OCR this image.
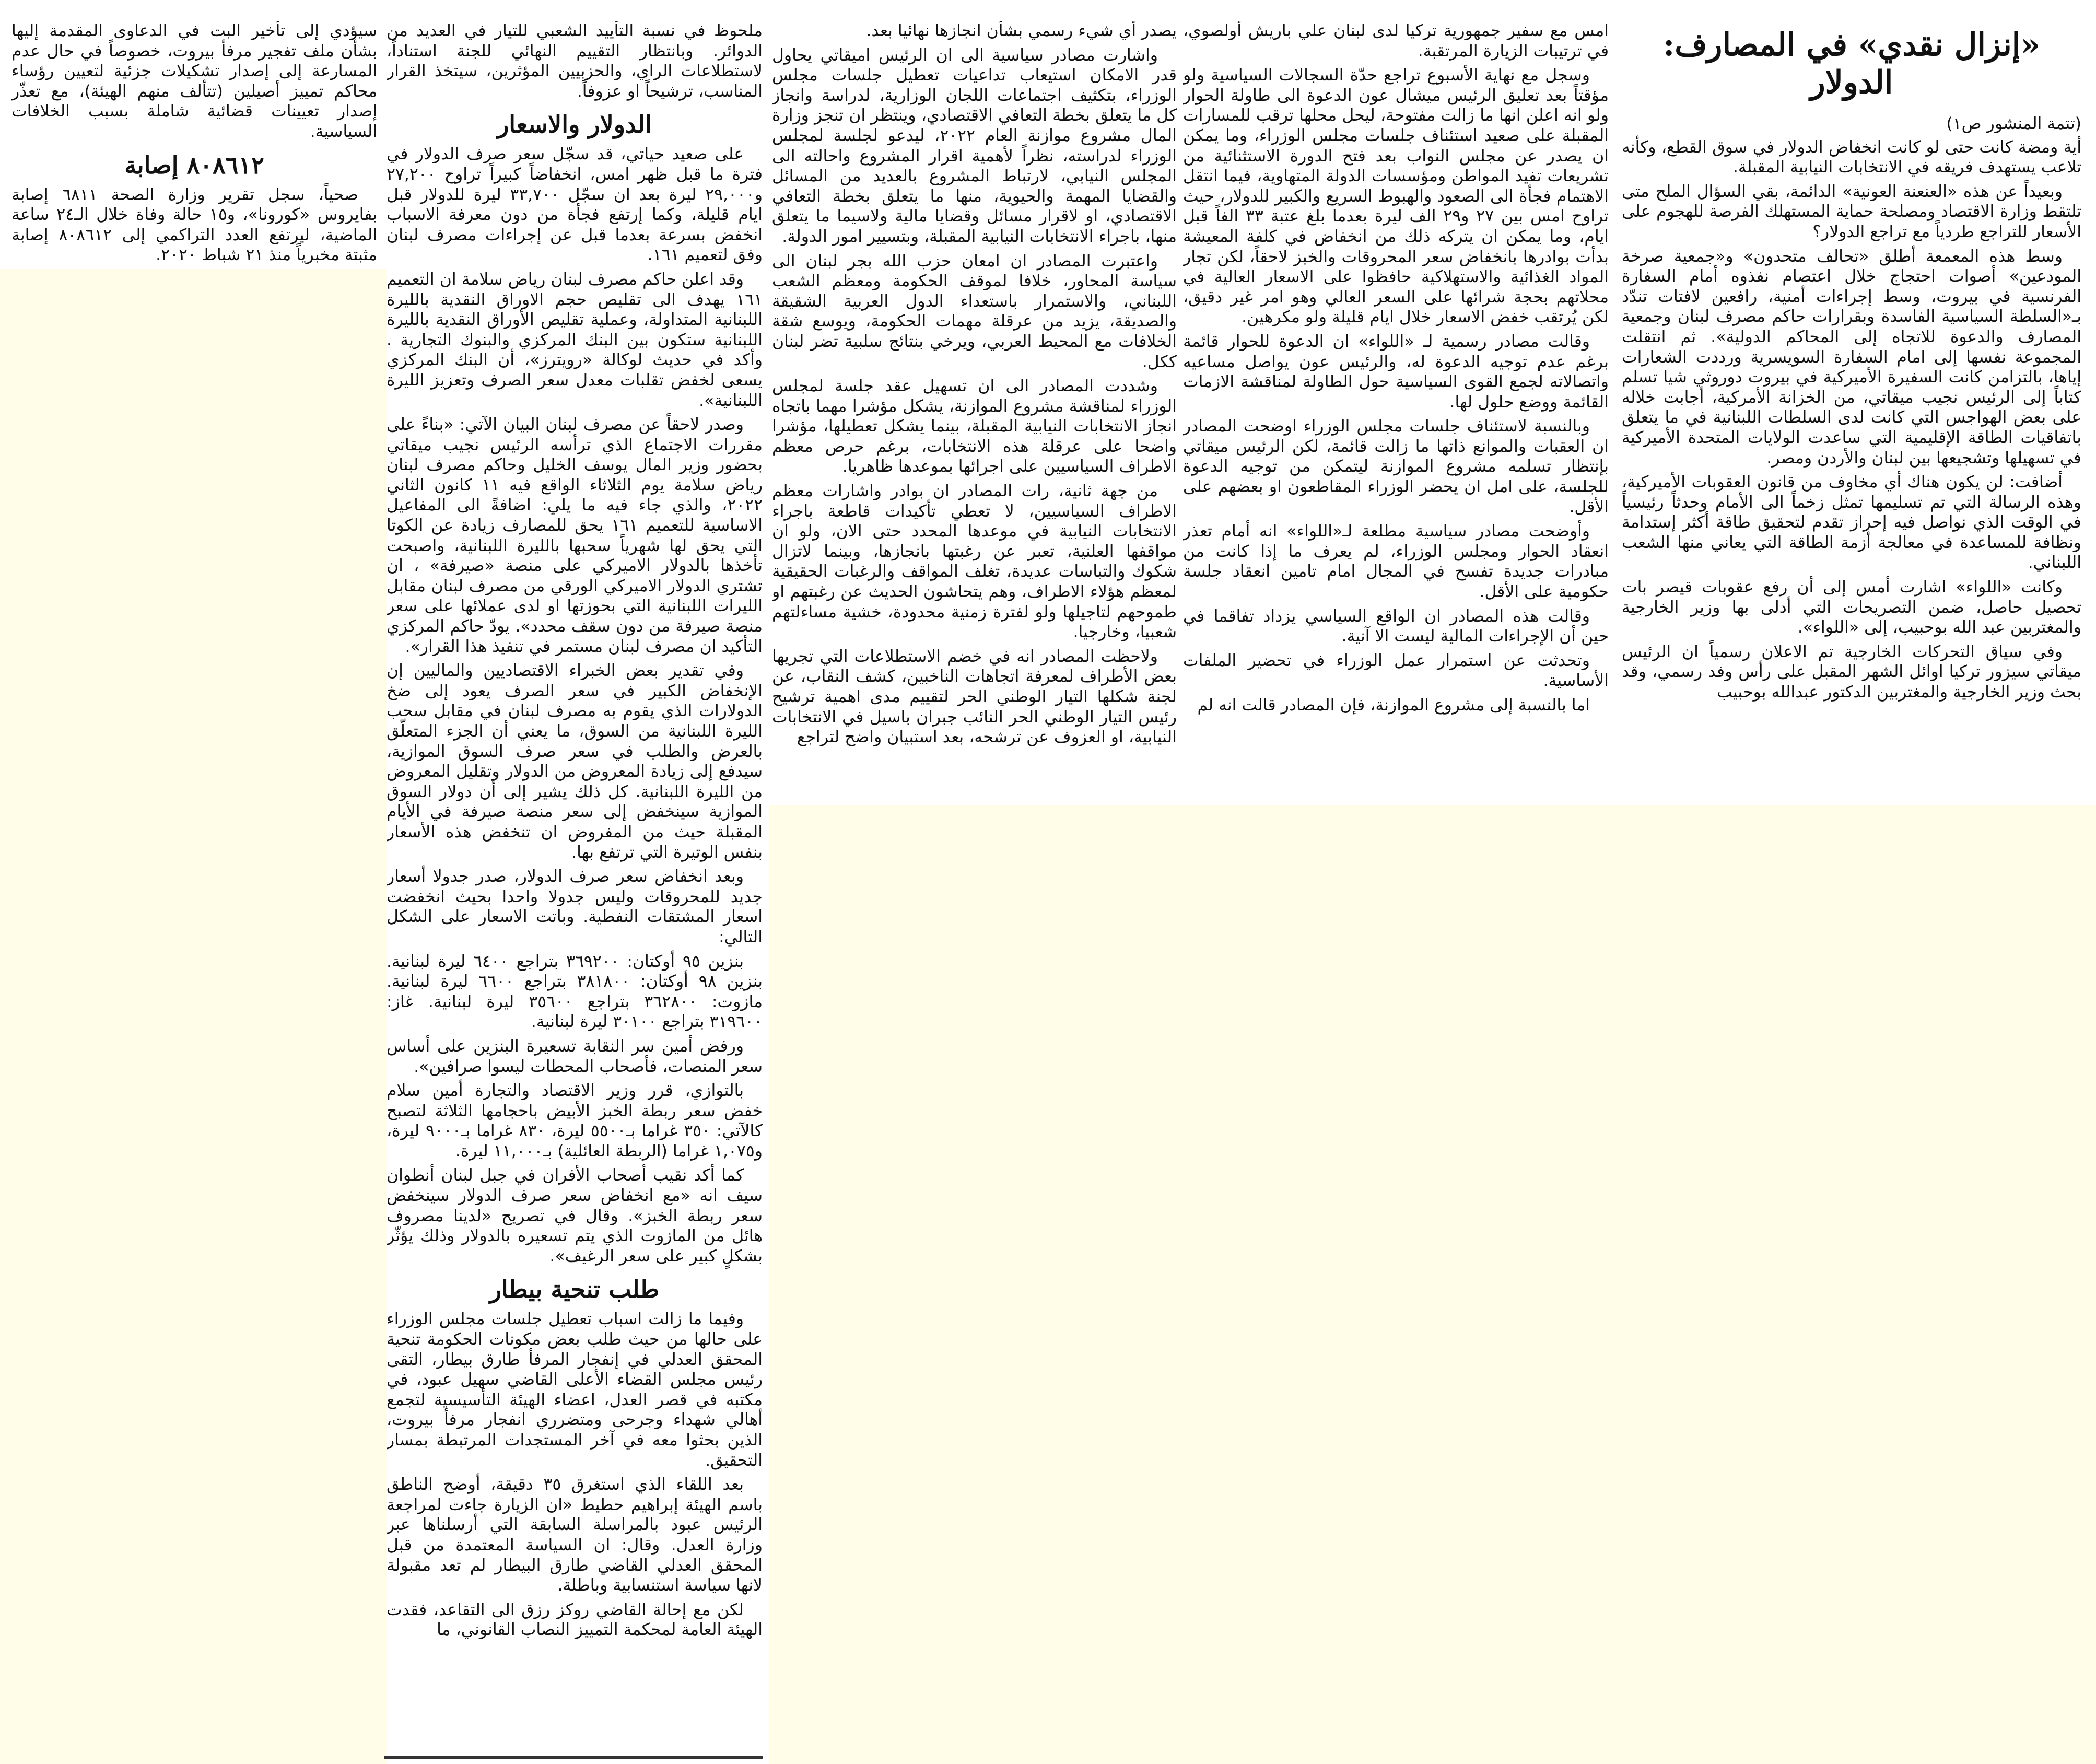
«إنزال نقدي» في المصارف: الدولار
(تتمة المنشور ص١)

أية ومضة كانت حتى لو كانت انخفاض الدولار في سوق القطع، وكأنه تلاعب يستهدف فريقه في الانتخابات النيابية المقبلة.

وبعيداً عن هذه «العنعنة العونية» الدائمة، بقي السؤال الملح متى تلتقط وزارة الاقتصاد ومصلحة حماية المستهلك الفرصة للهجوم على الأسعار للتراجع طردياً مع تراجع الدولار؟

وسط هذه المعمعة أطلق «تحالف متحدون» و«جمعية صرخة المودعين» أصوات احتجاج خلال اعتصام نفذوه أمام السفارة الفرنسية في بيروت، وسط إجراءات أمنية، رافعين لافتات تندّد بـ«السلطة السياسية الفاسدة وبقرارات حاكم مصرف لبنان وجمعية المصارف والدعوة للاتجاه إلى المحاكم الدولية». ثم انتقلت المجموعة نفسها إلى امام السفارة السويسرية ورددت الشعارات إياها، بالتزامن كانت السفيرة الأميركية في بيروت دوروثي شيا تسلم كتاباً إلى الرئيس نجيب ميقاتي، من الخزانة الأمركية، أجابت خلاله على بعض الهواجس التي كانت لدى السلطات اللبنانية في ما يتعلق باتفاقيات الطاقة الإقليمية التي ساعدت الولايات المتحدة الأميركية في تسهيلها وتشجيعها بين لبنان والأردن ومصر.

أضافت: لن يكون هناك أي مخاوف من قانون العقوبات الأميركية، وهذه الرسالة التي تم تسليمها تمثل زخماً الى الأمام وحدثاً رئيسياً في الوقت الذي نواصل فيه إحراز تقدم لتحقيق طاقة أكثر إستدامة ونظافة للمساعدة في معالجة أزمة الطاقة التي يعاني منها الشعب اللبناني.

وكانت «اللواء» اشارت أمس إلى أن رفع عقوبات قيصر بات تحصيل حاصل، ضمن التصريحات التي أدلى بها وزير الخارجية والمغتربين عبد الله بوحبيب، إلى «اللواء».

وفي سياق التحركات الخارجية تم الاعلان رسمياً ان الرئيس ميقاتي سيزور تركيا اوائل الشهر المقبل على رأس وفد رسمي، وقد بحث وزير الخارجية والمغتربين الدكتور عبدالله بوحبيب

امس مع سفير جمهورية تركيا لدى لبنان علي باريش أولصوي، في ترتيبات الزيارة المرتقبة.

وسجل مع نهاية الأسبوع تراجع حدّة السجالات السياسية ولو مؤقتاً بعد تعليق الرئيس ميشال عون الدعوة الى طاولة الحوار ولو انه اعلن انها ما زالت مفتوحة، ليحل محلها ترقب للمسارات المقبلة على صعيد استئناف جلسات مجلس الوزراء، وما يمكن ان يصدر عن مجلس النواب بعد فتح الدورة الاستثنائية من تشريعات تفيد المواطن ومؤسسات الدولة المتهاوية، فيما انتقل الاهتمام فجأة الى الصعود والهبوط السريع والكبير للدولار، حيث تراوح امس بين ٢٧ و٢٩ الف ليرة بعدما بلغ عتبة ٣٣ الفاً قبل ايام، وما يمكن ان يتركه ذلك من انخفاض في كلفة المعيشة بدأت بوادرها بانخفاض سعر المحروقات والخبز لاحقاً، لكن تجار المواد الغذائية والاستهلاكية حافظوا على الاسعار العالية في محلاتهم بحجة شرائها على السعر العالي وهو امر غير دقيق، لكن يُرتقب خفض الاسعار خلال ايام قليلة ولو مكرهين.

وقالت مصادر رسمية لـ «اللواء» ان الدعوة للحوار قائمة برغم عدم توجيه الدعوة له، والرئيس عون يواصل مساعيه واتصالاته لجمع القوى السياسية حول الطاولة لمناقشة الازمات القائمة ووضع حلول لها.

وبالنسبة لاستئناف جلسات مجلس الوزراء اوضحت المصادر ان العقبات والموانع ذاتها ما زالت قائمة، لكن الرئيس ميقاتي بإنتظار تسلمه مشروع الموازنة ليتمكن من توجيه الدعوة للجلسة، على امل ان يحضر الوزراء المقاطعون او بعضهم على الأقل.

وأوضحت مصادر سياسية مطلعة لـ«اللواء» انه أمام تعذر انعقاد الحوار ومجلس الوزراء، لم يعرف ما إذا كانت من مبادرات جديدة تفسح في المجال امام تامين انعقاد جلسة حكومية على الأقل.

وقالت هذه المصادر ان الواقع السياسي يزداد تفاقما في حين أن الإجراءات المالية ليست الا آنية.

وتحدثت عن استمرار عمل الوزراء في تحضير الملفات الأساسية.

اما بالنسبة إلى مشروع الموازنة، فإن المصادر قالت انه لم

يصدر أي شيء رسمي بشأن انجازها نهائيا بعد.

واشارت مصادر سياسية الى ان الرئيس اميقاتي يحاول قدر الامكان استيعاب تداعيات تعطيل جلسات مجلس الوزراء، بتكثيف اجتماعات اللجان الوزارية، لدراسة وانجاز كل ما يتعلق بخطة التعافي الاقتصادي، وينتظر ان تنجز وزارة المال مشروع موازنة العام ٢٠٢٢، ليدعو لجلسة لمجلس الوزراء لدراسته، نظراً لأهمية اقرار المشروع واحالته الى المجلس النيابي، لارتباط المشروع بالعديد من المسائل والقضايا المهمة والحيوية، منها ما يتعلق بخطة التعافي الاقتصادي، او لاقرار مسائل وقضايا مالية ولاسيما ما يتعلق منها، باجراء الانتخابات النيابية المقبلة، وبتسيير امور الدولة.

واعتبرت المصادر ان امعان حزب الله بجر لبنان الى سياسة المحاور، خلافا لموقف الحكومة ومعظم الشعب اللبناني، والاستمرار باستعداء الدول العربية الشقيقة والصديقة، يزيد من عرقلة مهمات الحكومة، ويوسع شقة الخلافات مع المحيط العربي، ويرخي بنتائج سلبية تضر لبنان ككل.

وشددت المصادر الى ان تسهيل عقد جلسة لمجلس الوزراء لمناقشة مشروع الموازنة، يشكل مؤشرا مهما باتجاه انجاز الانتخابات النيابية المقبلة، بينما يشكل تعطيلها، مؤشرا واضحا على عرقلة هذه الانتخابات، برغم حرص معظم الاطراف السياسيين على اجرائها بموعدها ظاهريا.

من جهة ثانية، رات المصادر ان بوادر واشارات معظم الاطراف السياسيين، لا تعطي تأكيدات قاطعة باجراء الانتخابات النيابية في موعدها المحدد حتى الان، ولو ان مواقفها العلنية، تعبر عن رغبتها بانجازها، وبينما لاتزال شكوك والتباسات عديدة، تغلف المواقف والرغبات الحقيقية لمعظم هؤلاء الاطراف، وهم يتحاشون الحديث عن رغبتهم او طموحهم لتاجيلها ولو لفترة زمنية محدودة، خشية مساءلتهم شعبيا، وخارجيا.

ولاحظت المصادر انه في خضم الاستطلاعات التي تجريها بعض الأطراف لمعرفة اتجاهات الناخبين، كشف النقاب، عن لجنة شكلها التيار الوطني الحر لتقييم مدى اهمية ترشيح رئيس التيار الوطني الحر النائب جبران باسيل في الانتخابات النيابية، او العزوف عن ترشحه، بعد استبيان واضح لتراجع

ملحوظ في نسبة التأييد الشعبي للتيار في العديد من الدوائر. وبانتظار التقييم النهائي للجنة استناداً، لاستطلاعات الراي، والحزبيين المؤثرين، سيتخذ القرار المناسب، ترشيحاً او عزوفاً.

الدولار والاسعار

على صعيد حياتي، قد سجّل سعر صرف الدولار في فترة ما قبل ظهر امس، انخفاضاً كبيراً تراوح ٢٧,٢٠٠ و٢٩,٠٠٠ ليرة بعد ان سجّل ٣٣,٧٠٠ ليرة للدولار قبل ايام قليلة، وكما إرتفع فجأة من دون معرفة الاسباب انخفض بسرعة بعدما قبل عن إجراءات مصرف لبنان وفق لتعميم ١٦١.

وقد اعلن حاكم مصرف لبنان رياض سلامة ان التعميم ١٦١ يهدف الى تقليص حجم الاوراق النقدية بالليرة اللبنانية المتداولة، وعملية تقليص الأوراق النقدية بالليرة اللبنانية ستكون بين البنك المركزي والبنوك التجارية . وأكد في حديث لوكالة «رويترز»، أن البنك المركزي يسعى لخفض تقلبات معدل سعر الصرف وتعزيز الليرة اللبنانية».

وصدر لاحقاً عن مصرف لبنان البيان الآتي: «بناءً على مقررات الاجتماع الذي ترأسه الرئيس نجيب ميقاتي بحضور وزير المال يوسف الخليل وحاكم مصرف لبنان رياض سلامة يوم الثلاثاء الواقع فيه ١١ كانون الثاني ٢٠٢٢، والذي جاء فيه ما يلي: اضافةً الى المفاعيل الاساسية للتعميم ١٦١ يحق للمصارف زيادة عن الكوتا التي يحق لها شهرياً سحبها بالليرة اللبنانية، واصبحت تأخذها بالدولار الاميركي على منصة «صيرفة» ، ان تشتري الدولار الاميركي الورقي من مصرف لبنان مقابل الليرات اللبنانية التي بحوزتها او لدى عملائها على سعر منصة صيرفة من دون سقف محدد». يودّ حاكم المركزي التأكيد ان مصرف لبنان مستمر في تنفيذ هذا القرار».

وفي تقدير بعض الخبراء الاقتصاديين والماليين إن الإنخفاض الكبير في سعر الصرف يعود إلى ضخ الدولارات الذي يقوم به مصرف لبنان في مقابل سحب الليرة اللبنانية من السوق، ما يعني أن الجزء المتعلّق بالعرض والطلب في سعر صرف السوق الموازية، سيدفع إلى زيادة المعروض من الدولار وتقليل المعروض من الليرة اللبنانية. كل ذلك يشير إلى أن دولار السوق الموازية سينخفض إلى سعر منصة صيرفة في الأيام المقبلة حيث من المفروض ان تنخفض هذه الأسعار بنفس الوتيرة التي ترتفع بها.

وبعد انخفاض سعر صرف الدولار، صدر جدولا أسعار جديد للمحروقات وليس جدولا واحدا بحيث انخفضت اسعار المشتقات النفطية. وباتت الاسعار على الشكل التالي:

بنزين ٩٥ أوكتان: ٣٦٩٢٠٠ بتراجع ٦٤٠٠ ليرة لبنانية. بنزين ٩٨ أوكتان: ٣٨١٨٠٠ بتراجع ٦٦٠٠ ليرة لبنانية. مازوت: ٣٦٢٨٠٠ بتراجع ٣٥٦٠٠ ليرة لبنانية. غاز: ٣١٩٦٠٠ بتراجع ٣٠١٠٠ ليرة لبنانية.

ورفض أمين سر النقابة تسعيرة البنزين على أساس سعر المنصات، فأصحاب المحطات ليسوا صرافين».

بالتوازي، قرر وزير الاقتصاد والتجارة أمين سلام خفض سعر ربطة الخبز الأبيض باحجامها الثلاثة لتصبح كالآتي: ٣٥٠ غراما بـ٥٥٠٠ ليرة، ٨٣٠ غراما بـ٩٠٠٠ ليرة، و١,٠٧٥ غراما (الربطة العائلية) بـ١١,٠٠٠ ليرة.

كما أكد نقيب أصحاب الأفران في جبل لبنان أنطوان سيف انه «مع انخفاض سعر صرف الدولار سينخفض سعر ربطة الخبز». وقال في تصريح «لدينا مصروف هائل من المازوت الذي يتم تسعيره بالدولار وذلك يؤثّر بشكلٍ كبير على سعر الرغيف».

طلب تنحية بيطار

وفيما ما زالت اسباب تعطيل جلسات مجلس الوزراء على حالها من حيث طلب بعض مكونات الحكومة تنحية المحقق العدلي في إنفجار المرفأ طارق بيطار، التقى رئيس مجلس القضاء الأعلى القاضي سهيل عبود، في مكتبه في قصر العدل، اعضاء الهيئة التأسيسية لتجمع أهالي شهداء وجرحى ومتضرري انفجار مرفأ بيروت، الذين بحثوا معه في آخر المستجدات المرتبطة بمسار التحقيق.

بعد اللقاء الذي استغرق ٣٥ دقيقة، أوضح الناطق باسم الهيئة إبراهيم حطيط «ان الزيارة جاءت لمراجعة الرئيس عبود بالمراسلة السابقة التي أرسلناها عبر وزارة العدل. وقال: ان السياسة المعتمدة من قبل المحقق العدلي القاضي طارق البيطار لم تعد مقبولة لانها سياسة استنسابية وباطلة.

لكن مع إحالة القاضي روكز رزق الى التقاعد، فقدت الهيئة العامة لمحكمة التمييز النصاب القانوني، ما

سيؤدي إلى تأخير البت في الدعاوى المقدمة إليها بشأن ملف تفجير مرفأ بيروت، خصوصاً في حال عدم المسارعة إلى إصدار تشكيلات جزئية لتعيين رؤساء محاكم تمييز أصيلين (تتألف منهم الهيئة)، مع تعذّر إصدار تعيينات قضائية شاملة بسبب الخلافات السياسية.

٨٠٨٦١٢ إصابة

صحياً، سجل تقرير وزارة الصحة ٦٨١١ إصابة بفايروس «كورونا»، و١٥ حالة وفاة خلال الـ٢٤ ساعة الماضية، ليرتفع العدد التراكمي إلى ٨٠٨٦١٢ إصابة مثبتة مخبرياً منذ ٢١ شباط ٢٠٢٠.
